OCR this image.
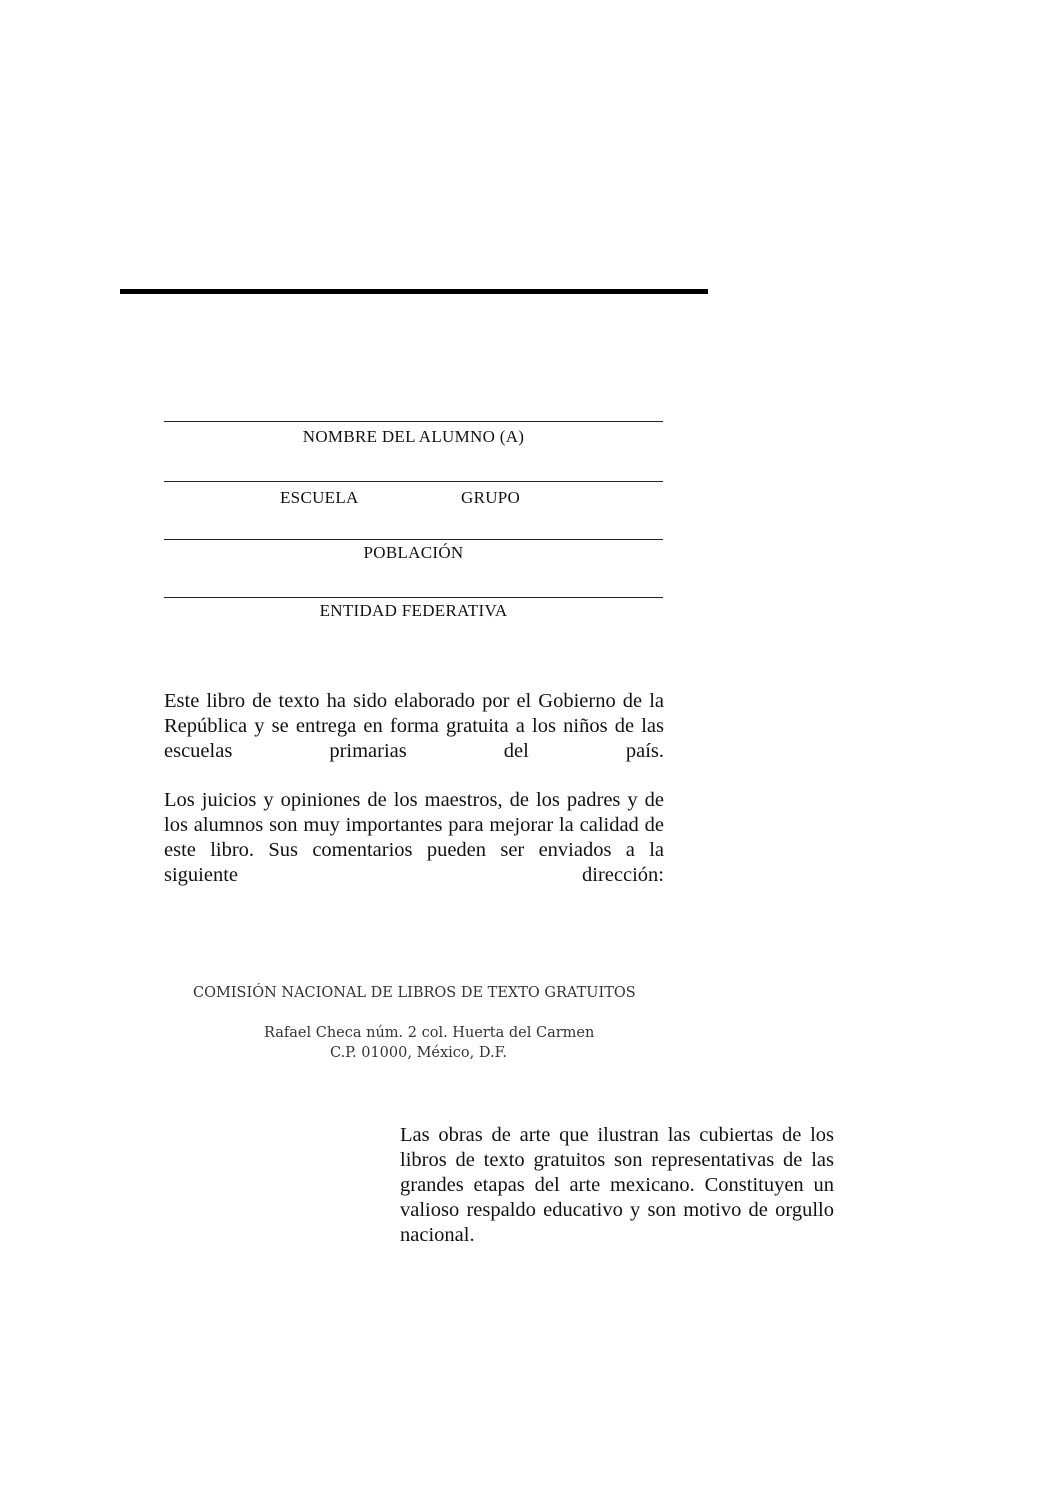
NOMBRE DEL ALUMNO (A)
ESCUELA	GRUPO
POBLACIÓN
ENTIDAD FEDERATIVA

Este libro de texto ha sido elaborado por el Gobierno de la República y se entrega en forma gratuita a los niños de las escuelas primarias del país.

Los juicios y opiniones de los maestros, de los padres y de los alumnos son muy importantes para mejorar la calidad de este libro. Sus comentarios pueden ser enviados a la siguiente dirección:

COMISIÓN NACIONAL DE LIBROS DE TEXTO GRATUITOS
Rafael Checa núm. 2 col. Huerta del Carmen
C.P. 01000, México, D.F.

Las obras de arte que ilustran las cubiertas de los libros de texto gratuitos son representativas de las grandes etapas del arte mexicano. Constituyen un valioso respaldo educativo y son motivo de orgullo nacional.
